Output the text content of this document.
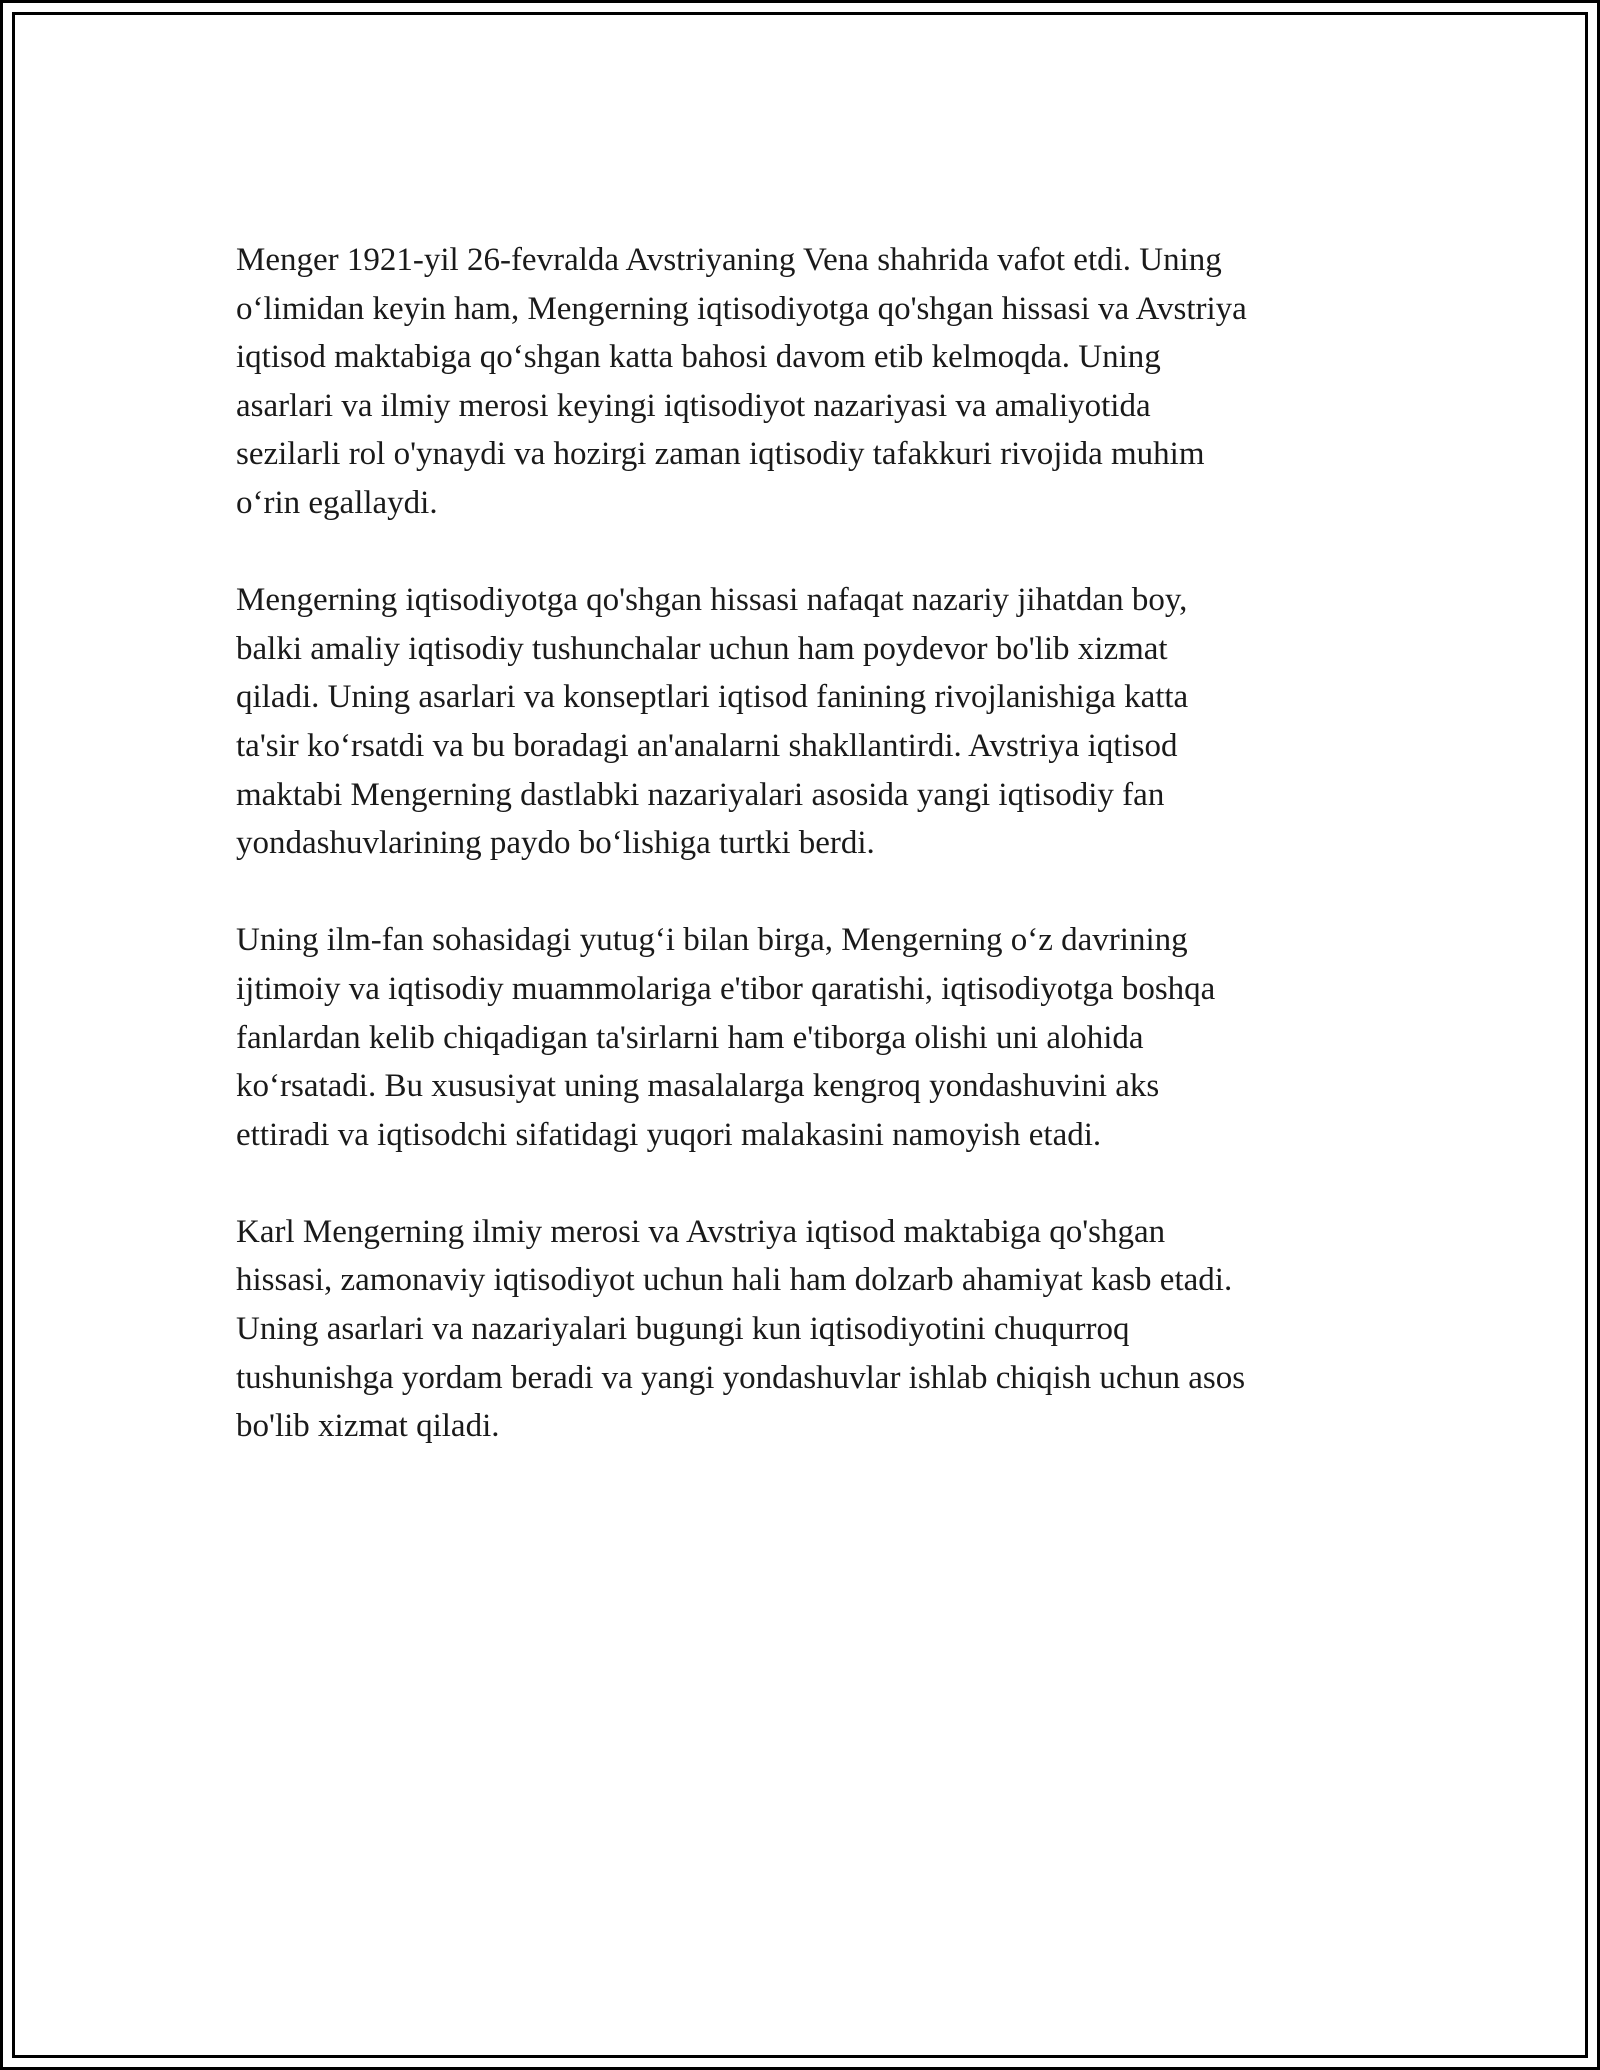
Menger 1921-yil 26-fevralda Avstriyaning Vena shahrida vafot etdi. Uning
o‘limidan keyin ham, Mengerning iqtisodiyotga qo'shgan hissasi va Avstriya
iqtisod maktabiga qo‘shgan katta bahosi davom etib kelmoqda. Uning
asarlari va ilmiy merosi keyingi iqtisodiyot nazariyasi va amaliyotida
sezilarli rol o'ynaydi va hozirgi zaman iqtisodiy tafakkuri rivojida muhim
o‘rin egallaydi.

Mengerning iqtisodiyotga qo'shgan hissasi nafaqat nazariy jihatdan boy,
balki amaliy iqtisodiy tushunchalar uchun ham poydevor bo'lib xizmat
qiladi. Uning asarlari va konseptlari iqtisod fanining rivojlanishiga katta
ta'sir ko‘rsatdi va bu boradagi an'analarni shakllantirdi. Avstriya iqtisod
maktabi Mengerning dastlabki nazariyalari asosida yangi iqtisodiy fan
yondashuvlarining paydo bo‘lishiga turtki berdi.

Uning ilm-fan sohasidagi yutug‘i bilan birga, Mengerning o‘z davrining
ijtimoiy va iqtisodiy muammolariga e'tibor qaratishi, iqtisodiyotga boshqa
fanlardan kelib chiqadigan ta'sirlarni ham e'tiborga olishi uni alohida
ko‘rsatadi. Bu xususiyat uning masalalarga kengroq yondashuvini aks
ettiradi va iqtisodchi sifatidagi yuqori malakasini namoyish etadi.

Karl Mengerning ilmiy merosi va Avstriya iqtisod maktabiga qo'shgan
hissasi, zamonaviy iqtisodiyot uchun hali ham dolzarb ahamiyat kasb etadi.
Uning asarlari va nazariyalari bugungi kun iqtisodiyotini chuqurroq
tushunishga yordam beradi va yangi yondashuvlar ishlab chiqish uchun asos
bo'lib xizmat qiladi.
